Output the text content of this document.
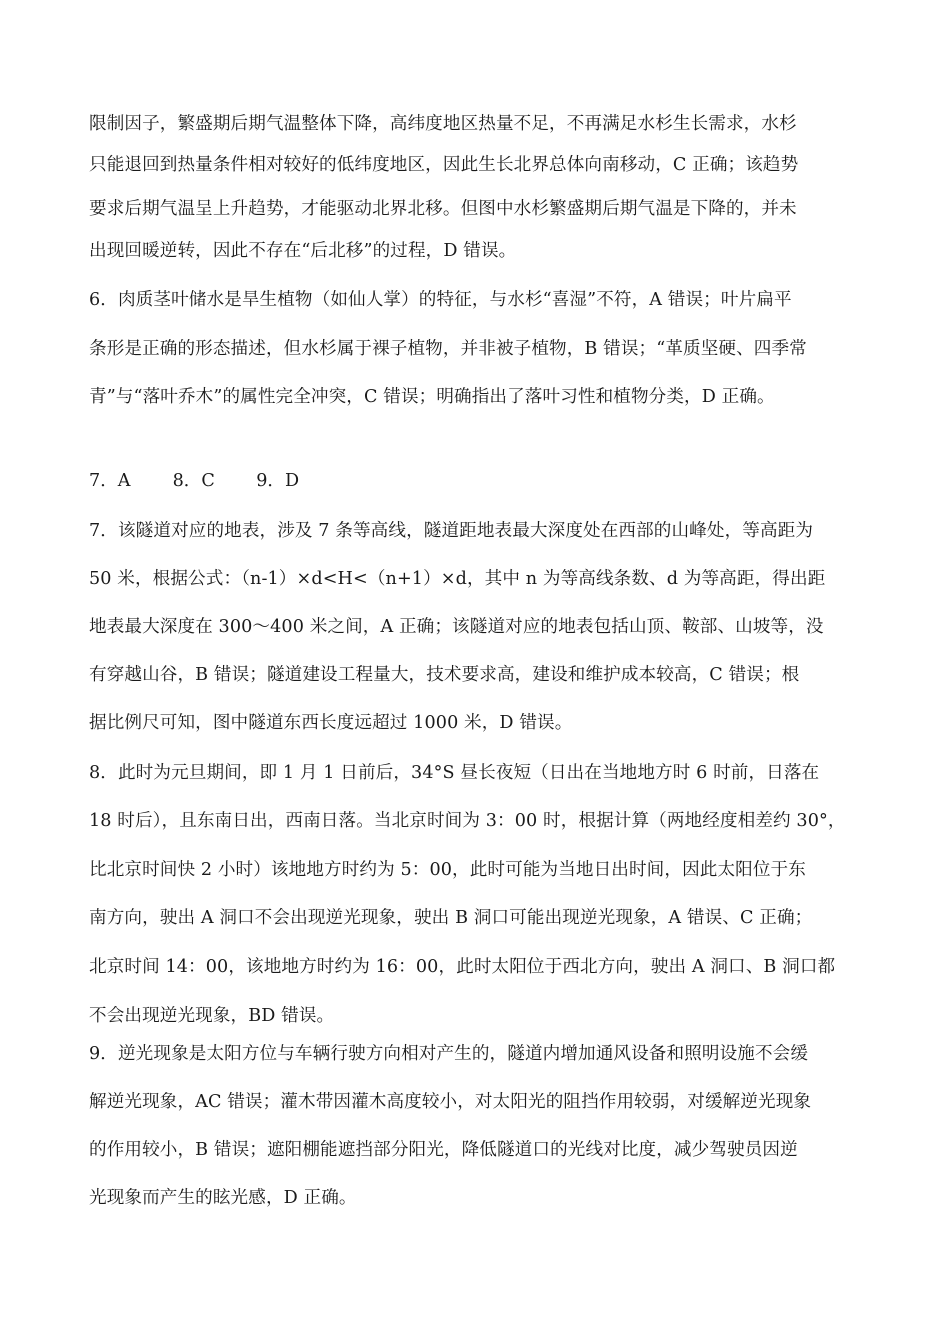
限制因子，繁盛期后期气温整体下降，高纬度地区热量不足，不再满足水杉生长需求，水杉
只能退回到热量条件相对较好的低纬度地区，因此生长北界总体向南移动，C 正确；该趋势
要求后期气温呈上升趋势，才能驱动北界北移。但图中水杉繁盛期后期气温是下降的，并未
出现回暖逆转，因此不存在“后北移”的过程，D 错误。
6．肉质茎叶储水是旱生植物（如仙人掌）的特征，与水杉“喜湿”不符，A 错误；叶片扁平
条形是正确的形态描述，但水杉属于裸子植物，并非被子植物，B 错误；“革质坚硬、四季常
青”与“落叶乔木”的属性完全冲突，C 错误；明确指出了落叶习性和植物分类，D 正确。
7．A 8．C 9．D
7．该隧道对应的地表，涉及 7 条等高线，隧道距地表最大深度处在西部的山峰处，等高距为
50 米，根据公式：（n-1）×d<H<（n+1）×d，其中 n 为等高线条数、d 为等高距，得出距
地表最大深度在 300～400 米之间，A 正确；该隧道对应的地表包括山顶、鞍部、山坡等，没
有穿越山谷，B 错误；隧道建设工程量大，技术要求高，建设和维护成本较高，C 错误；根
据比例尺可知，图中隧道东西长度远超过 1000 米，D 错误。
8．此时为元旦期间，即 1 月 1 日前后，34°S 昼长夜短（日出在当地地方时 6 时前，日落在
18 时后），且东南日出，西南日落。当北京时间为 3：00 时，根据计算（两地经度相差约 30°，
比北京时间快 2 小时）该地地方时约为 5：00，此时可能为当地日出时间，因此太阳位于东
南方向，驶出 A 洞口不会出现逆光现象，驶出 B 洞口可能出现逆光现象，A 错误、C 正确；
北京时间 14：00，该地地方时约为 16：00，此时太阳位于西北方向，驶出 A 洞口、B 洞口都
不会出现逆光现象，BD 错误。
9．逆光现象是太阳方位与车辆行驶方向相对产生的，隧道内增加通风设备和照明设施不会缓
解逆光现象，AC 错误；灌木带因灌木高度较小，对太阳光的阻挡作用较弱，对缓解逆光现象
的作用较小，B 错误；遮阳棚能遮挡部分阳光，降低隧道口的光线对比度，减少驾驶员因逆
光现象而产生的眩光感，D 正确。
